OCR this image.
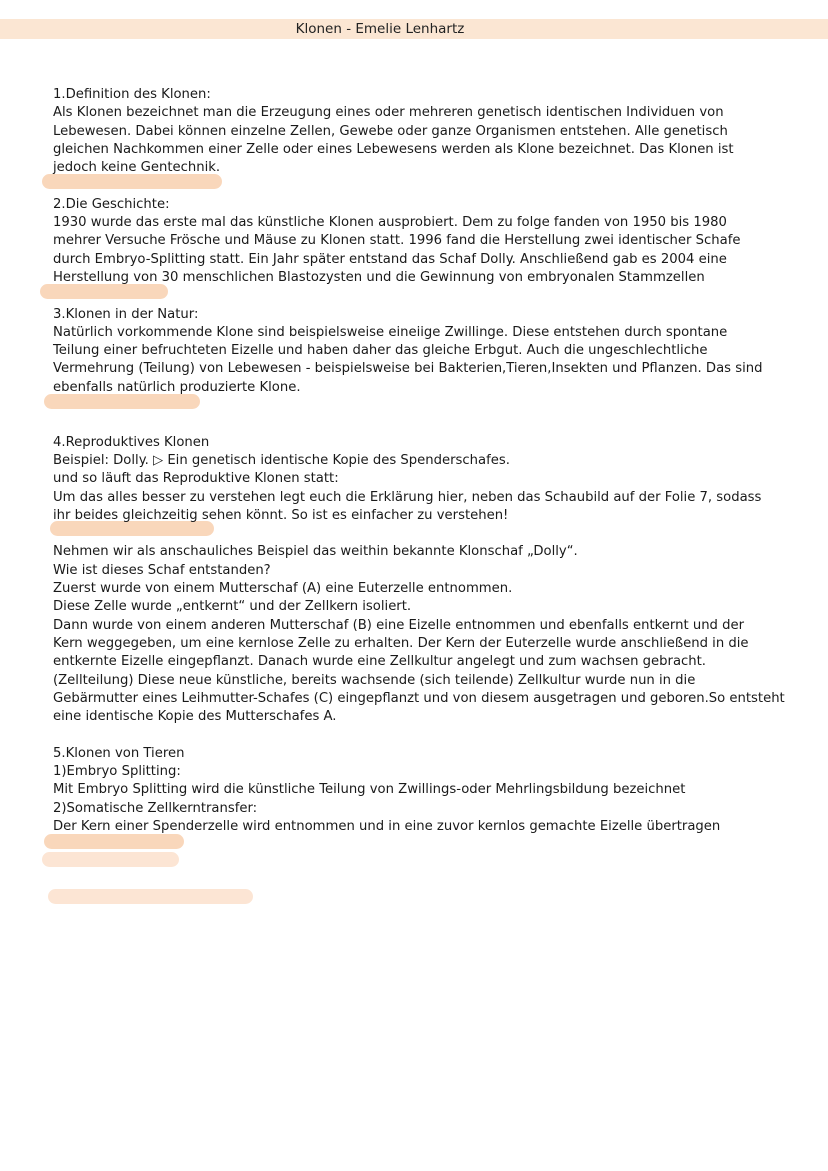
Klonen - Emelie Lenhartz

1.Definition des Klonen:

Als Klonen bezeichnet man die Erzeugung eines oder mehreren genetisch identischen Individuen von

Lebewesen. Dabei können einzelne Zellen, Gewebe oder ganze Organismen entstehen. Alle genetisch

gleichen Nachkommen einer Zelle oder eines Lebewesens werden als Klone bezeichnet. Das Klonen ist

jedoch keine Gentechnik.

2.Die Geschichte:

1930 wurde das erste mal das künstliche Klonen ausprobiert. Dem zu folge fanden von 1950 bis 1980

mehrer Versuche Frösche und Mäuse zu Klonen statt. 1996 fand die Herstellung zwei identischer Schafe

durch Embryo-Splitting statt. Ein Jahr später entstand das Schaf Dolly. Anschließend gab es 2004 eine

Herstellung von 30 menschlichen Blastozysten und die Gewinnung von embryonalen Stammzellen

3.Klonen in der Natur:

Natürlich vorkommende Klone sind beispielsweise eineiige Zwillinge. Diese entstehen durch spontane

Teilung einer befruchteten Eizelle und haben daher das gleiche Erbgut. Auch die ungeschlechtliche

Vermehrung (Teilung) von Lebewesen - beispielsweise bei Bakterien,Tieren,Insekten und Pflanzen. Das sind

ebenfalls natürlich produzierte Klone.

4.Reproduktives Klonen

Beispiel: Dolly. ▷ Ein genetisch identische Kopie des Spenderschafes.

und so läuft das Reproduktive Klonen statt:

Um das alles besser zu verstehen legt euch die Erklärung hier, neben das Schaubild auf der Folie 7, sodass

ihr beides gleichzeitig sehen könnt. So ist es einfacher zu verstehen!

Nehmen wir als anschauliches Beispiel das weithin bekannte Klonschaf „Dolly“.

Wie ist dieses Schaf entstanden?

Zuerst wurde von einem Mutterschaf (A) eine Euterzelle entnommen.

Diese Zelle wurde „entkernt“ und der Zellkern isoliert.

Dann wurde von einem anderen Mutterschaf (B) eine Eizelle entnommen und ebenfalls entkernt und der

Kern weggegeben, um eine kernlose Zelle zu erhalten. Der Kern der Euterzelle wurde anschließend in die

entkernte Eizelle eingepflanzt. Danach wurde eine Zellkultur angelegt und zum wachsen gebracht.

(Zellteilung) Diese neue künstliche, bereits wachsende (sich teilende) Zellkultur wurde nun in die

Gebärmutter eines Leihmutter-Schafes (C) eingepflanzt und von diesem ausgetragen und geboren.So entsteht

eine identische Kopie des Mutterschafes A.

5.Klonen von Tieren

1)Embryo Splitting:

Mit Embryo Splitting wird die künstliche Teilung von Zwillings-oder Mehrlingsbildung bezeichnet

2)Somatische Zellkerntransfer:

Der Kern einer Spenderzelle wird entnommen und in eine zuvor kernlos gemachte Eizelle übertragen
